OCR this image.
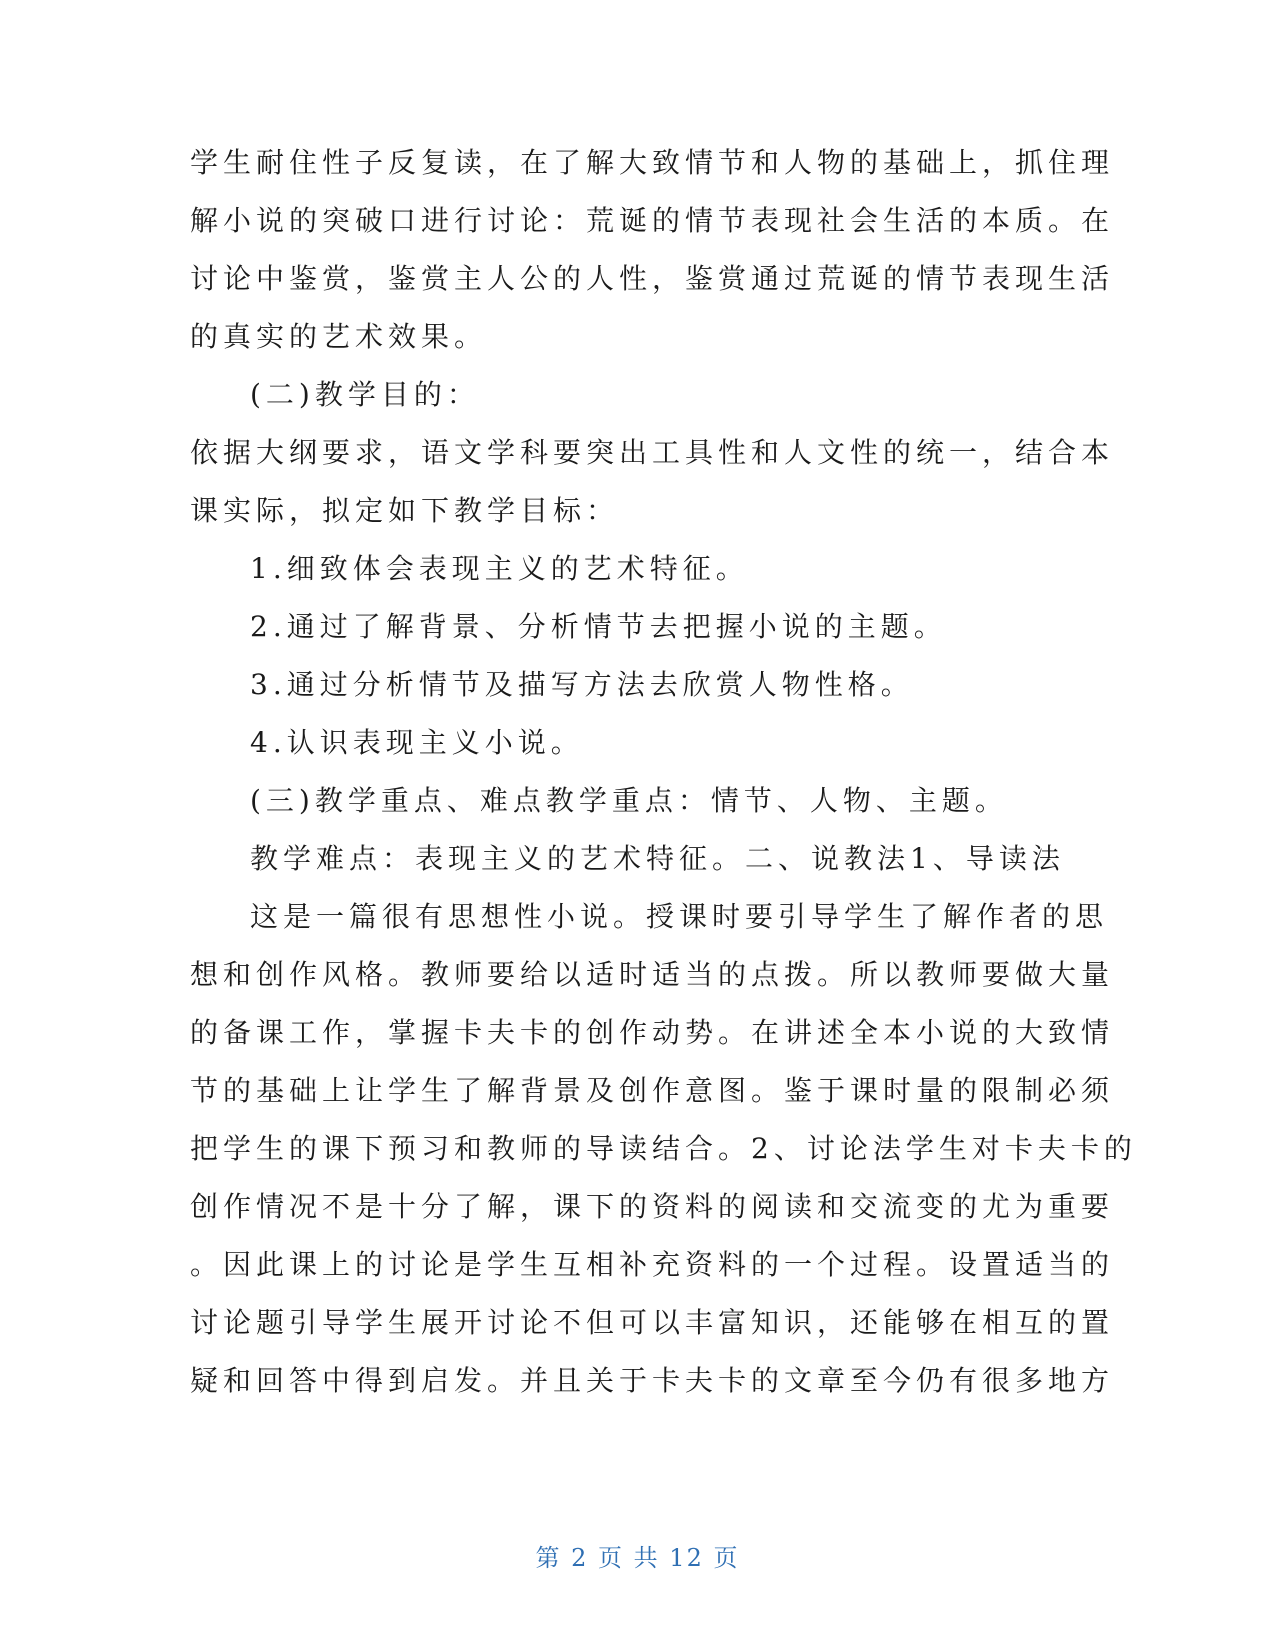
学生耐住性子反复读，在了解大致情节和人物的基础上，抓住理
解小说的突破口进行讨论：荒诞的情节表现社会生活的本质。在
讨论中鉴赏，鉴赏主人公的人性，鉴赏通过荒诞的情节表现生活
的真实的艺术效果。
(二)教学目的：
依据大纲要求，语文学科要突出工具性和人文性的统一，结合本
课实际，拟定如下教学目标：
1.细致体会表现主义的艺术特征。
2.通过了解背景、分析情节去把握小说的主题。
3.通过分析情节及描写方法去欣赏人物性格。
4.认识表现主义小说。
(三)教学重点、难点教学重点：情节、人物、主题。
教学难点：表现主义的艺术特征。二、说教法1、导读法
这是一篇很有思想性小说。授课时要引导学生了解作者的思
想和创作风格。教师要给以适时适当的点拨。所以教师要做大量
的备课工作，掌握卡夫卡的创作动势。在讲述全本小说的大致情
节的基础上让学生了解背景及创作意图。鉴于课时量的限制必须
把学生的课下预习和教师的导读结合。2、讨论法学生对卡夫卡的
创作情况不是十分了解，课下的资料的阅读和交流变的尤为重要
。因此课上的讨论是学生互相补充资料的一个过程。设置适当的
讨论题引导学生展开讨论不但可以丰富知识，还能够在相互的置
疑和回答中得到启发。并且关于卡夫卡的文章至今仍有很多地方
第 2 页 共 12 页
